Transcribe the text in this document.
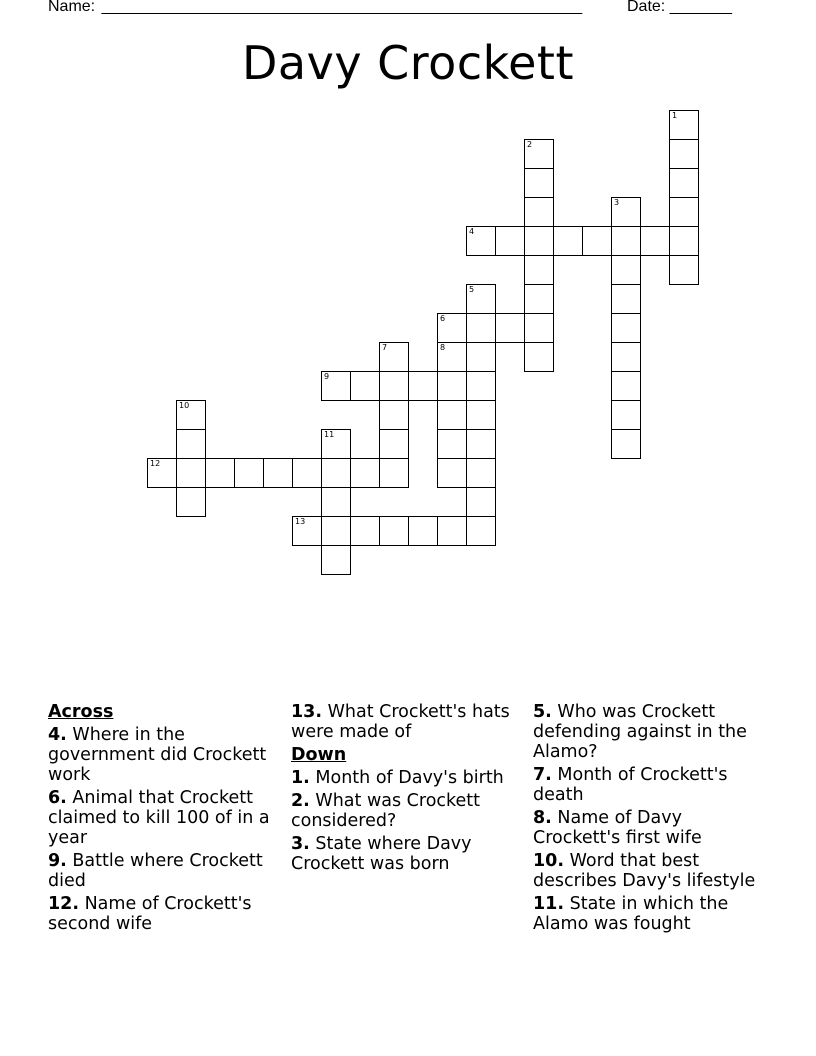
Name: ______________________________________________________	Date: _______
Davy Crockett
1
2
3
4
5
6
7	8
9
10
11
12
13
Across
4. Where in the government did Crockett work
6. Animal that Crockett claimed to kill 100 of in a year
9. Battle where Crockett died
12. Name of Crockett's second wife
13. What Crockett's hats were made of
Down
1. Month of Davy's birth
2. What was Crockett considered?
3. State where Davy Crockett was born
5. Who was Crockett defending against in the Alamo?
7. Month of Crockett's death
8. Name of Davy Crockett's first wife
10. Word that best describes Davy's lifestyle
11. State in which the Alamo was fought
